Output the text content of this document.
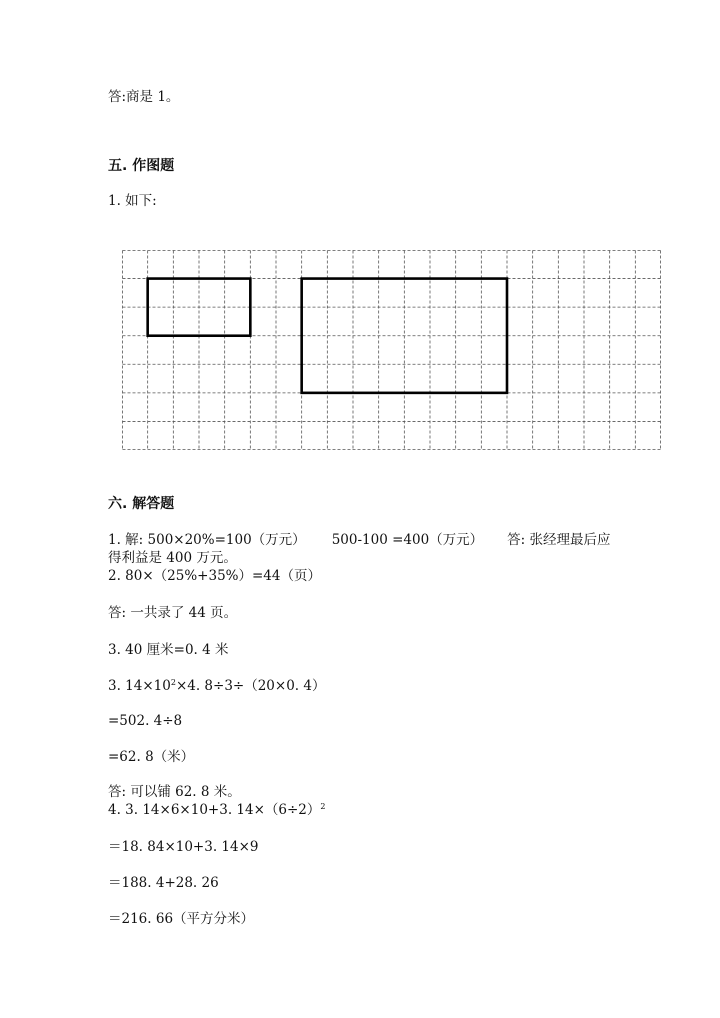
答:商是 1。
五. 作图题
1. 如下:
六. 解答题
1. 解: 500×20%=100（万元） 500-100 =400（万元） 答: 张经理最后应
得利益是 400 万元。
2. 80×（25%+35%）=44（页）
答: 一共录了 44 页。
3. 40 厘米=0. 4 米
3. $14\times 10^2\times 4$. 8÷3÷（20×0. 4）
=502. 4÷8
=62. 8（米）
答: 可以铺 62. 8 米。
4. 3. 14×6×10+3. $14\times(6\div 2)^2$
＝18. 84×10+3. 14×9
＝188. 4+28. 26
＝216. 66（平方分米）
